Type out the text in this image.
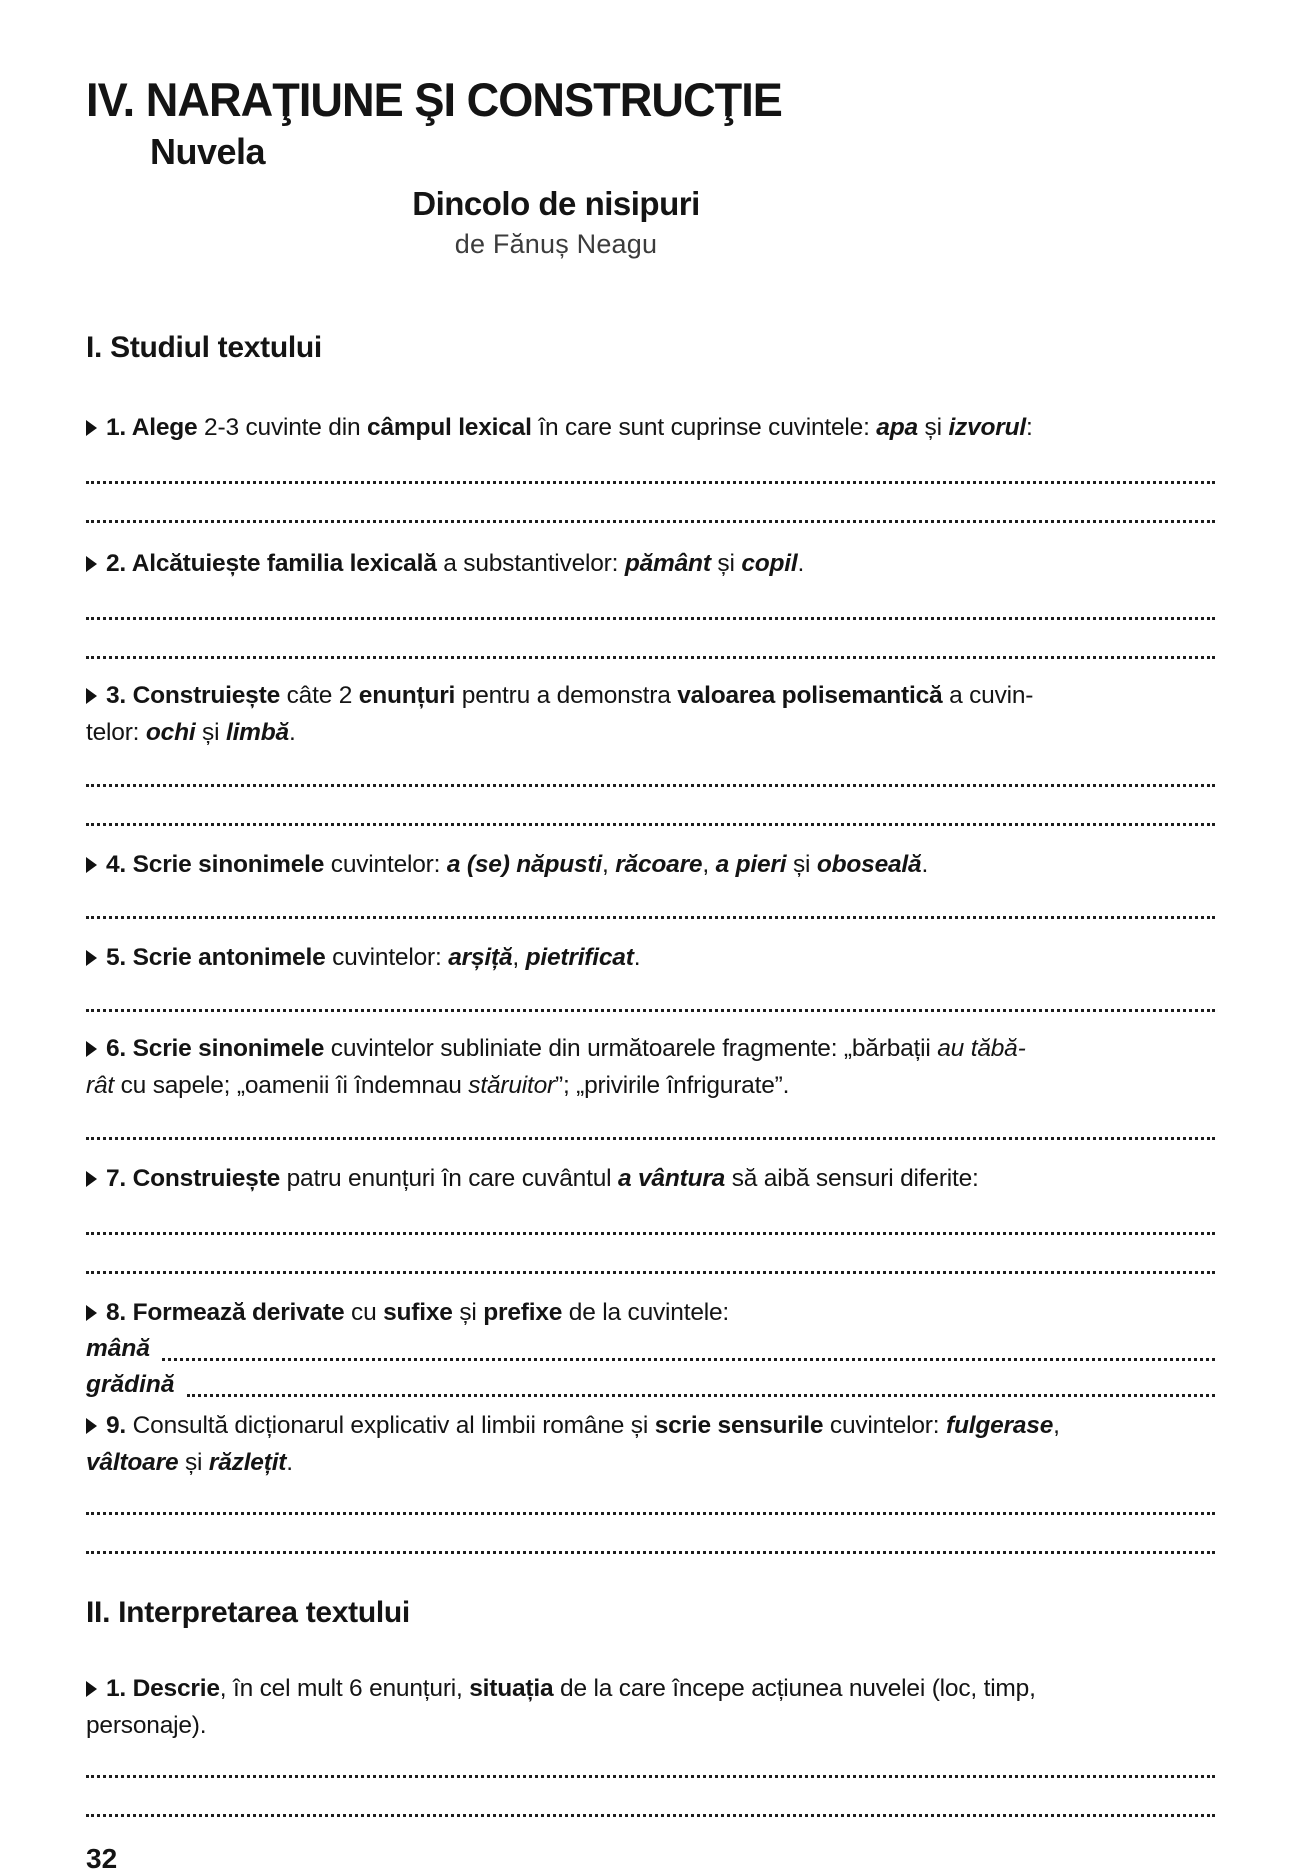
IV. NARAŢIUNE ŞI CONSTRUCŢIE
Nuvela
Dincolo de nisipuri
de Fănuș Neagu
I. Studiul textului

1. Alege 2-3 cuvinte din câmpul lexical în care sunt cuprinse cuvintele: apa și izvorul:

2. Alcătuiește familia lexicală a substantivelor: pământ și copil.

3. Construiește câte 2 enunțuri pentru a demonstra valoarea polisemantică a cuvin-
telor: ochi și limbă.

4. Scrie sinonimele cuvintelor: a (se) năpusti, răcoare, a pieri și oboseală.

5. Scrie antonimele cuvintelor: arșiță, pietrificat.

6. Scrie sinonimele cuvintelor subliniate din următoarele fragmente: „bărbații au tăbă-
rât cu sapele; „oamenii îi îndemnau stăruitor”; „privirile înfrigurate”.

7. Construiește patru enunțuri în care cuvântul a vântura să aibă sensuri diferite:

8. Formează derivate cu sufixe și prefixe de la cuvintele:

mână
grădină

9. Consultă dicționarul explicativ al limbii române și scrie sensurile cuvintelor: fulgerase,
vâltoare și răzlețit.

II. Interpretarea textului

1. Descrie, în cel mult 6 enunțuri, situația de la care începe acțiunea nuvelei (loc, timp,
personaje).

32
